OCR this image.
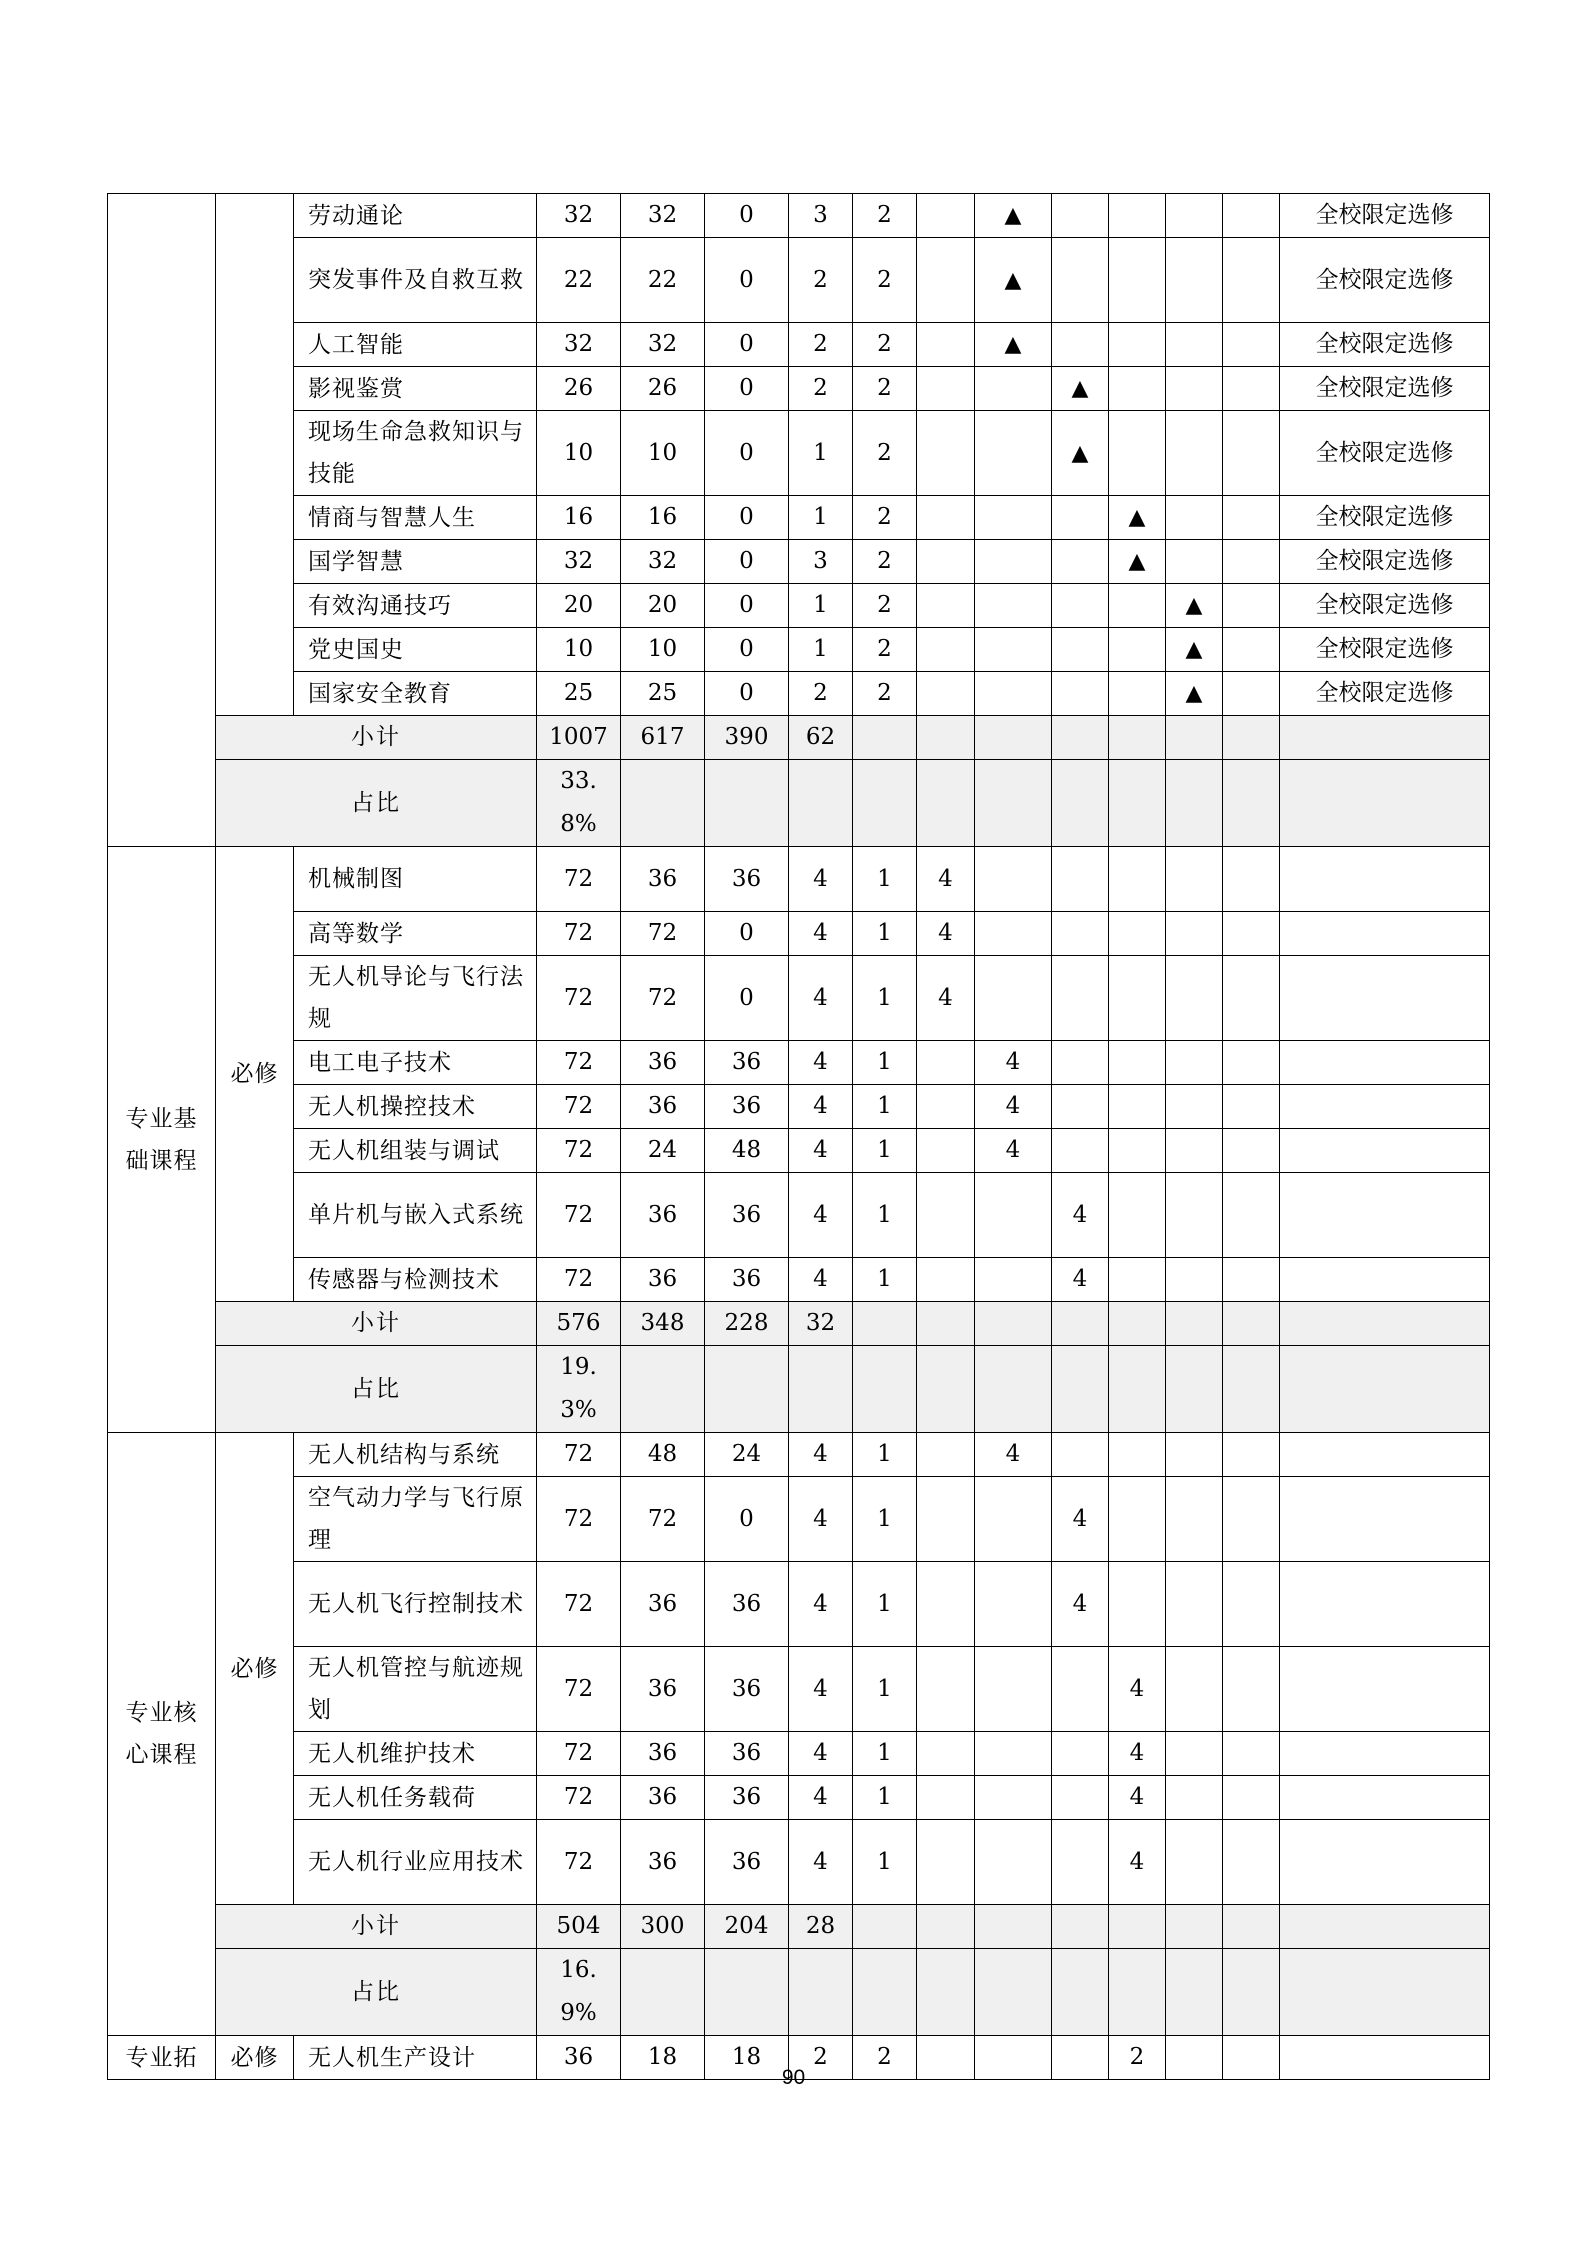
		劳动通论	32	32	0	3	2		▲					全校限定选修
		突发事件及自救互救	22	22	0	2	2		▲					全校限定选修
		人工智能	32	32	0	2	2		▲					全校限定选修
		影视鉴赏	26	26	0	2	2			▲				全校限定选修
		现场生命急救知识与技能	10	10	0	1	2			▲				全校限定选修
		情商与智慧人生	16	16	0	1	2				▲			全校限定选修
		国学智慧	32	32	0	3	2				▲			全校限定选修
		有效沟通技巧	20	20	0	1	2					▲		全校限定选修
		党史国史	10	10	0	1	2					▲		全校限定选修
		国家安全教育	25	25	0	2	2					▲		全校限定选修
	小计		1007	617	390	62								
	占比		33.8%											
专业基础课程	必修	机械制图	72	36	36	4	1	4						
		高等数学	72	72	0	4	1	4						
		无人机导论与飞行法规	72	72	0	4	1	4						
		电工电子技术	72	36	36	4	1		4					
		无人机操控技术	72	36	36	4	1		4					
		无人机组装与调试	72	24	48	4	1		4					
		单片机与嵌入式系统	72	36	36	4	1			4				
		传感器与检测技术	72	36	36	4	1			4				
	小计		576	348	228	32								
	占比		19.3%											
专业核心课程	必修	无人机结构与系统	72	48	24	4	1		4					
		空气动力学与飞行原理	72	72	0	4	1			4				
		无人机飞行控制技术	72	36	36	4	1			4				
		无人机管控与航迹规划	72	36	36	4	1				4			
		无人机维护技术	72	36	36	4	1				4			
		无人机任务载荷	72	36	36	4	1				4			
		无人机行业应用技术	72	36	36	4	1				4			
	小计		504	300	204	28								
	占比		16.9%											
专业拓	必修	无人机生产设计	36	18	18	2	2				2			
90
